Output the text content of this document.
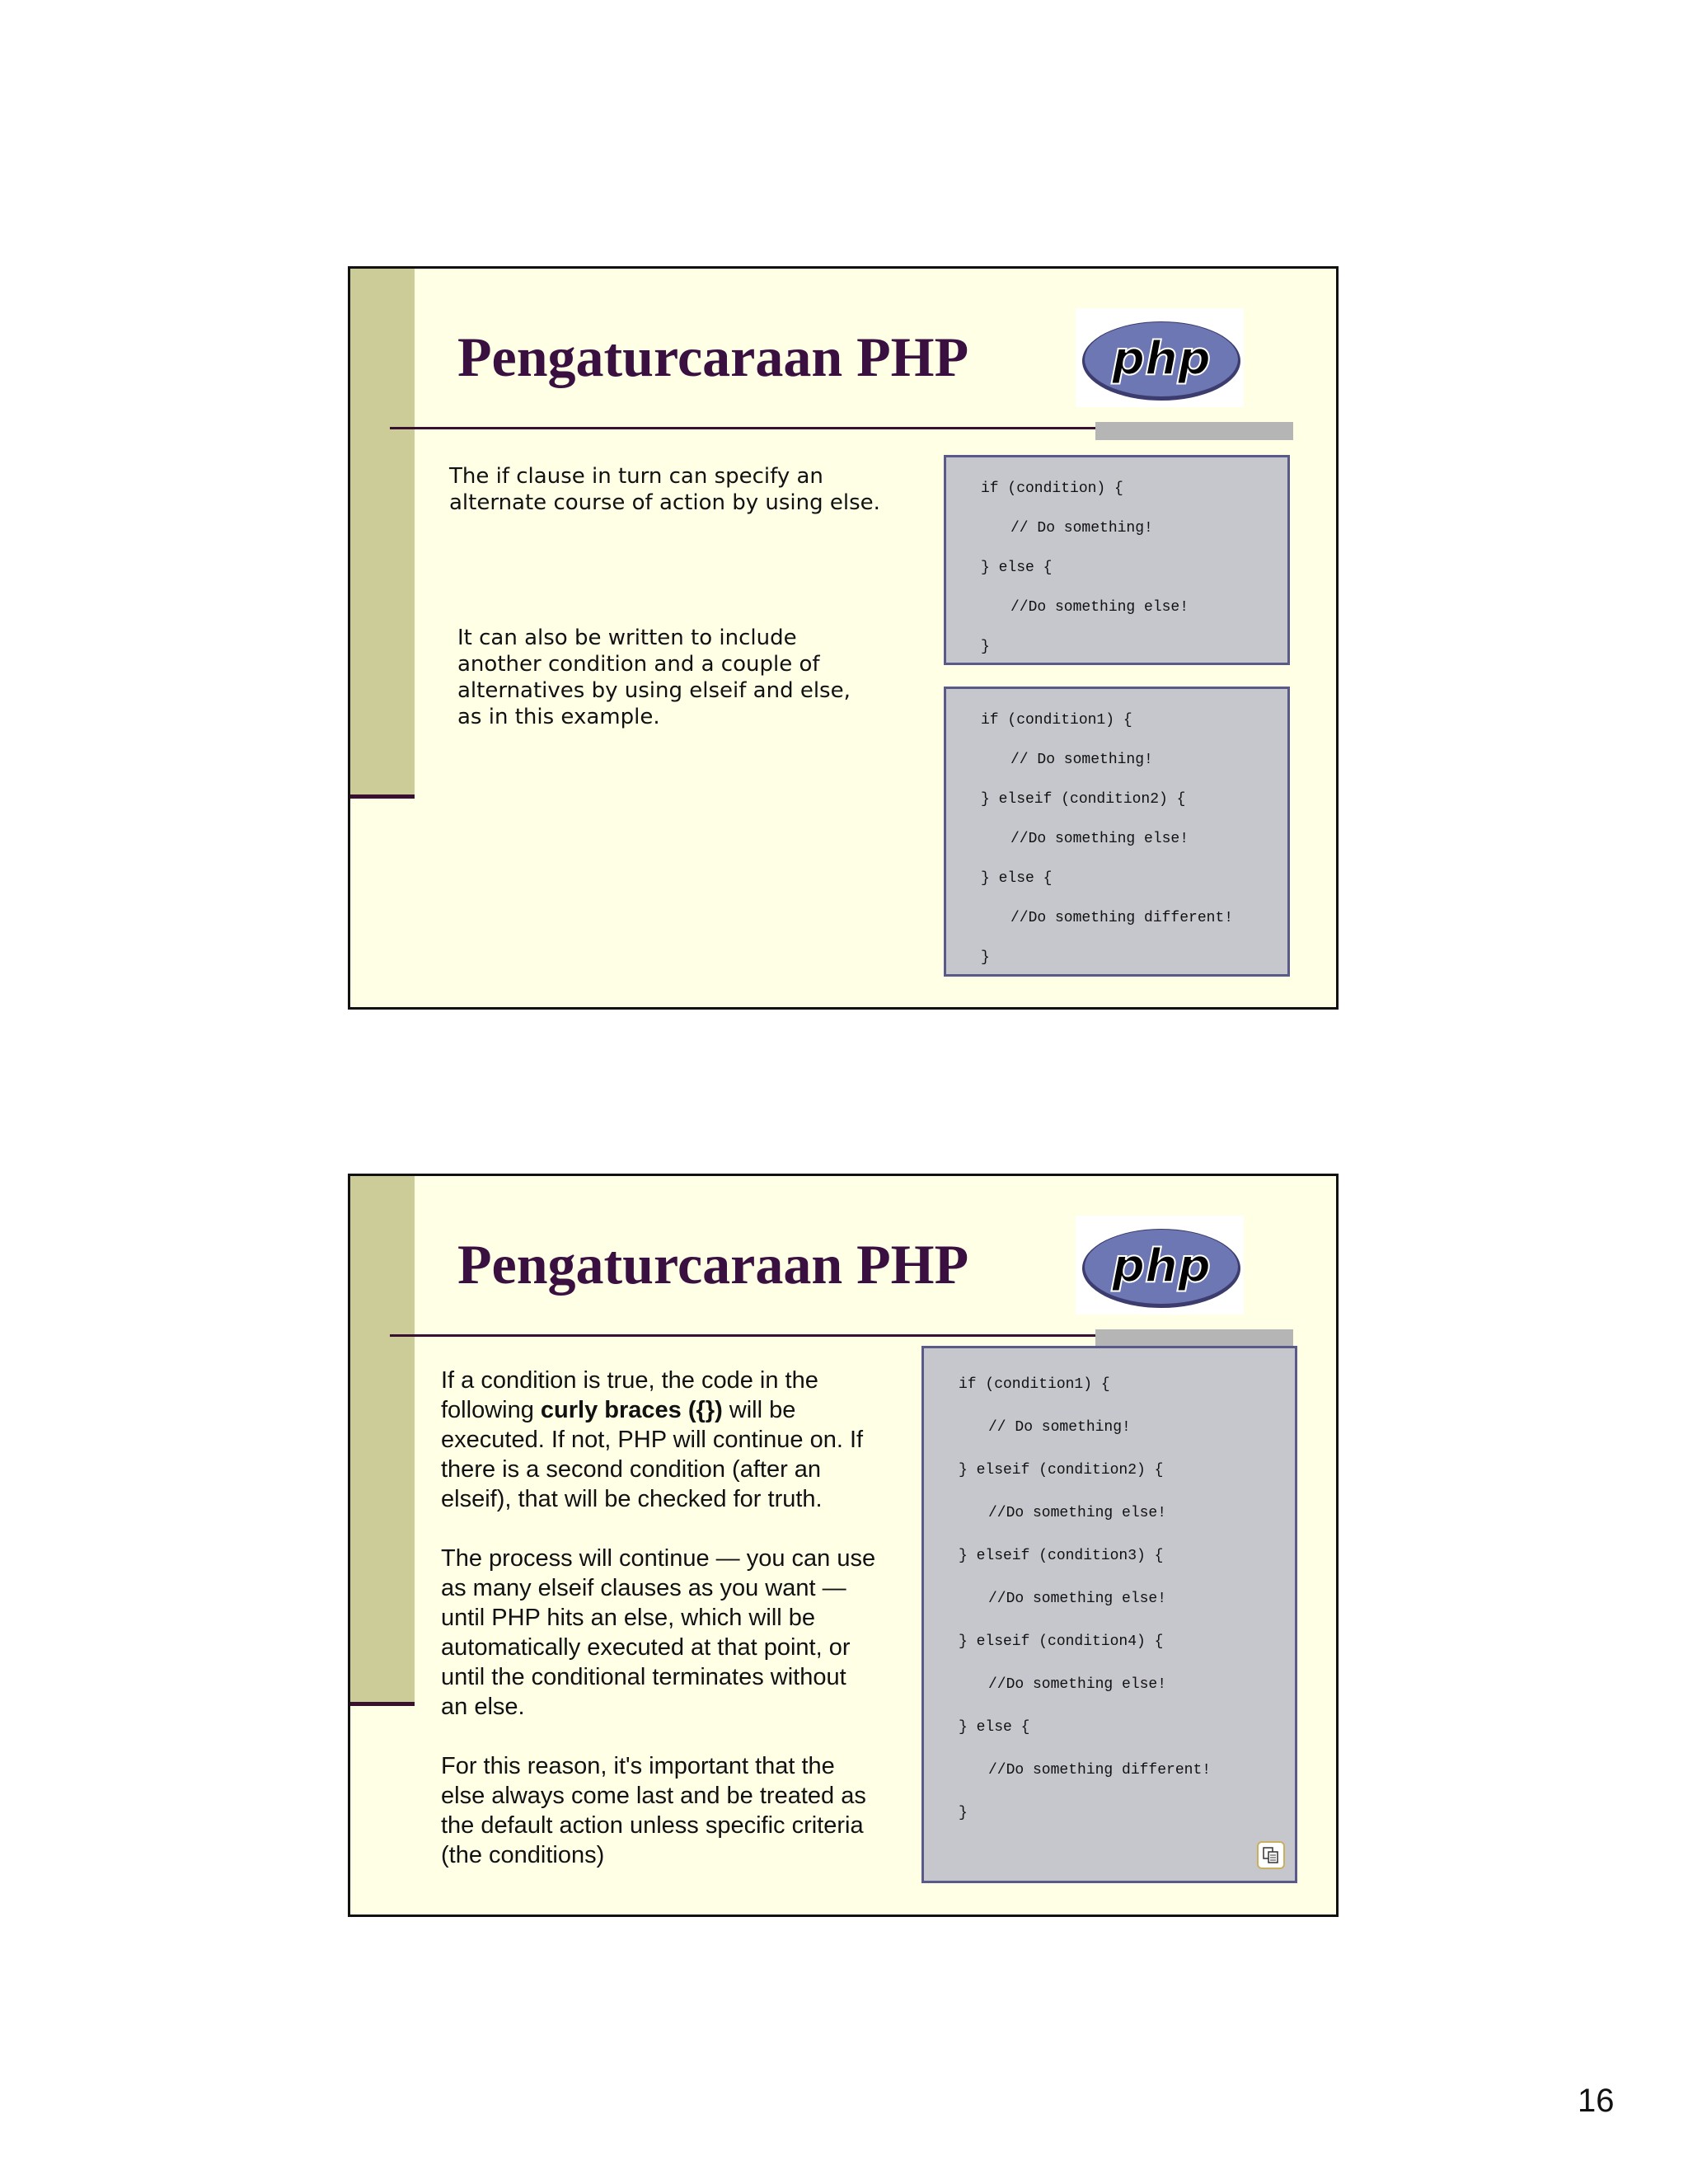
Pengaturcaraan PHP	php

The if clause in turn can specify an
alternate course of action by using else.

It can also be written to include
another condition and a couple of
alternatives by using elseif and else,
as in this example.

if (condition) {
// Do something!
} else {
//Do something else!
}
if (condition1) {
// Do something!
} elseif (condition2) {
//Do something else!
} else {
//Do something different!
}
Pengaturcaraan PHP	php

If a condition is true, the code in the following curly braces ({}) will be executed. If not, PHP will continue on. If there is a second condition (after an elseif), that will be checked for truth.

The process will continue — you can use as many elseif clauses as you want — until PHP hits an else, which will be automatically executed at that point, or until the conditional terminates without an else.

For this reason, it's important that the else always come last and be treated as the default action unless specific criteria (the conditions)

if (condition1) {
// Do something!
} elseif (condition2) {
//Do something else!
} elseif (condition3) {
//Do something else!
} elseif (condition4) {
//Do something else!
} else {
//Do something different!
}
16
